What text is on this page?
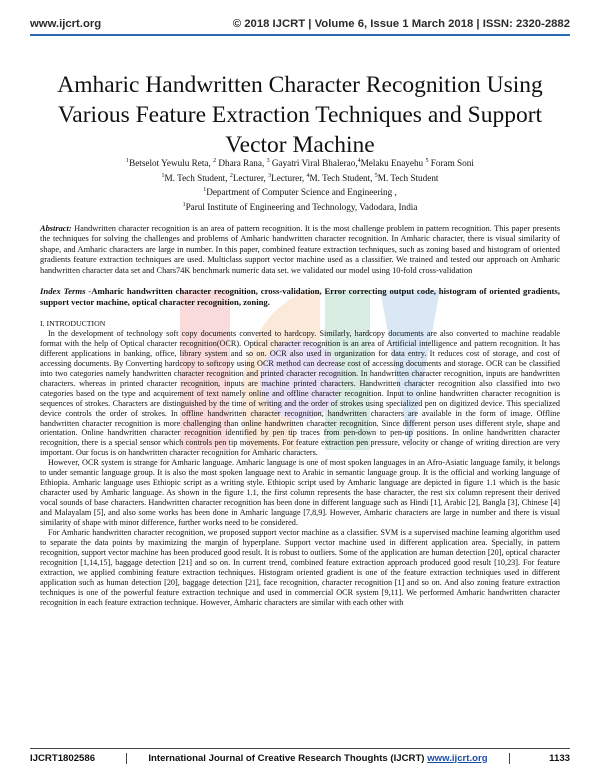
www.ijcrt.org	© 2018 IJCRT | Volume 6, Issue 1 March 2018 | ISSN: 2320-2882
Amharic Handwritten Character Recognition Using Various Feature Extraction Techniques and Support Vector Machine
$^1$Betselot Yewulu Reta, $^2$ Dhara Rana, $^3$ Gayatri Viral Bhalerao,$^4$Melaku Enayehu $^5$ Foram Soni
$^1$M. Tech Student, $^2$Lecturer, $^3$Lecturer, $^4$M. Tech Student, $^5$M. Tech Student
$^1$Department of Computer Science and Engineering ,
$^1$Parul Institute of Engineering and Technology, Vadodara, India
Abstract: Handwritten character recognition is an area of pattern recognition. It is the most challenge problem in pattern recognition. This paper presents the techniques for solving the challenges and problems of Amharic handwritten character recognition. In Amharic character, there is visual similarity of shape, and Amharic characters are large in number. In this paper, combined feature extraction techniques, such as zoning based and histogram of oriented gradients feature extraction techniques are used. Multiclass support vector machine used as a classifier. We trained and tested our approach on Amharic handwritten character data set and Chars74K benchmark numeric data set. we validated our model using 10-fold cross-validation
Index Terms -Amharic handwritten character recognition, cross-validation, Error correcting output code, histogram of oriented gradients, support vector machine, optical character recognition, zoning.
I. INTRODUCTION

In the development of technology soft copy documents converted to hardcopy. Similarly, hardcopy documents are also converted to machine readable format with the help of Optical character recognition(OCR). Optical character recognition is an area of Artificial intelligence and pattern recognition. It has different applications in banking, office, library system and so on. OCR also used in organization for data entry. It reduces cost of storage, and cost of accessing documents. By Converting hardcopy to softcopy using OCR method can decrease cost of accessing documents and storage. OCR can be classified into two categories namely handwritten character recognition and printed character recognition. In handwritten character recognition, inputs are handwritten characters. whereas in printed character recognition, inputs are machine printed characters. Handwritten character recognition also classified into two categories based on the type and acquirement of text namely online and offline character recognition. Input to online handwritten character recognition is sequences of strokes. Characters are distinguished by the time of writing and the order of strokes using specialized pen on digitized device. This specialized device controls the order of strokes. In offline handwritten character recognition, handwritten characters are available in the form of image. Offline handwritten character recognition is more challenging than online handwritten character recognition. Since different person uses different style, shape and orientation. Online handwritten character recognition identified by pen tip traces from pen-down to pen-up positions. In online handwritten character recognition, there is a special sensor which controls pen tip movements. For feature extraction pen pressure, velocity or change of writing direction are very important. Our focus is on handwritten character recognition for Amharic characters.

However, OCR system is strange for Amharic language. Amharic language is one of most spoken languages in an Afro-Asiatic language family, it belongs to under semantic language group. It is also the most spoken language next to Arabic in semantic language group. It is the official and working language of Ethiopia. Amharic language uses Ethiopic script as a writing style. Ethiopic script used by Amharic language are depicted in figure 1.1 which is the basic character used by Amharic language. As shown in the figure 1.1, the first column represents the base character, the rest six column represent their derived vocal sounds of base characters. Handwritten character recognition has been done in different language such as Hindi [1], Arabic [2], Bangla [3], Chinese [4] and Malayalam [5], and also some works has been done in Amharic language [7,8,9]. However, Amharic characters are large in number and there is visual similarity of shape with minor difference, further works need to be considered.

For Amharic handwritten character recognition, we proposed support vector machine as a classifier. SVM is a supervised machine learning algorithm used to separate the data points by maximizing the margin of hyperplane. Support vector machine used in different application area. Specially, in pattern recognition, support vector machine has been produced good result. It is robust to outliers. Some of the application are human detection [20], optical character recognition [1,14,15], baggage detection [21] and so on. In current trend, combined feature extraction approach produced good result [10,23]. For feature extraction, we applied combining feature extraction techniques. Histogram oriented gradient is one of the feature extraction techniques used in different application such as human detection [20], baggage detection [21], face recognition, character recognition [1] and so on. And also zoning feature extraction techniques is one of the powerful feature extraction technique and used in commercial OCR system [9,11]. We performed Amharic handwritten character recognition in each feature extraction technique. However, Amharic characters are similar with each other with

IJCRT1802586	International Journal of Creative Research Thoughts (IJCRT) www.ijcrt.org	1133
